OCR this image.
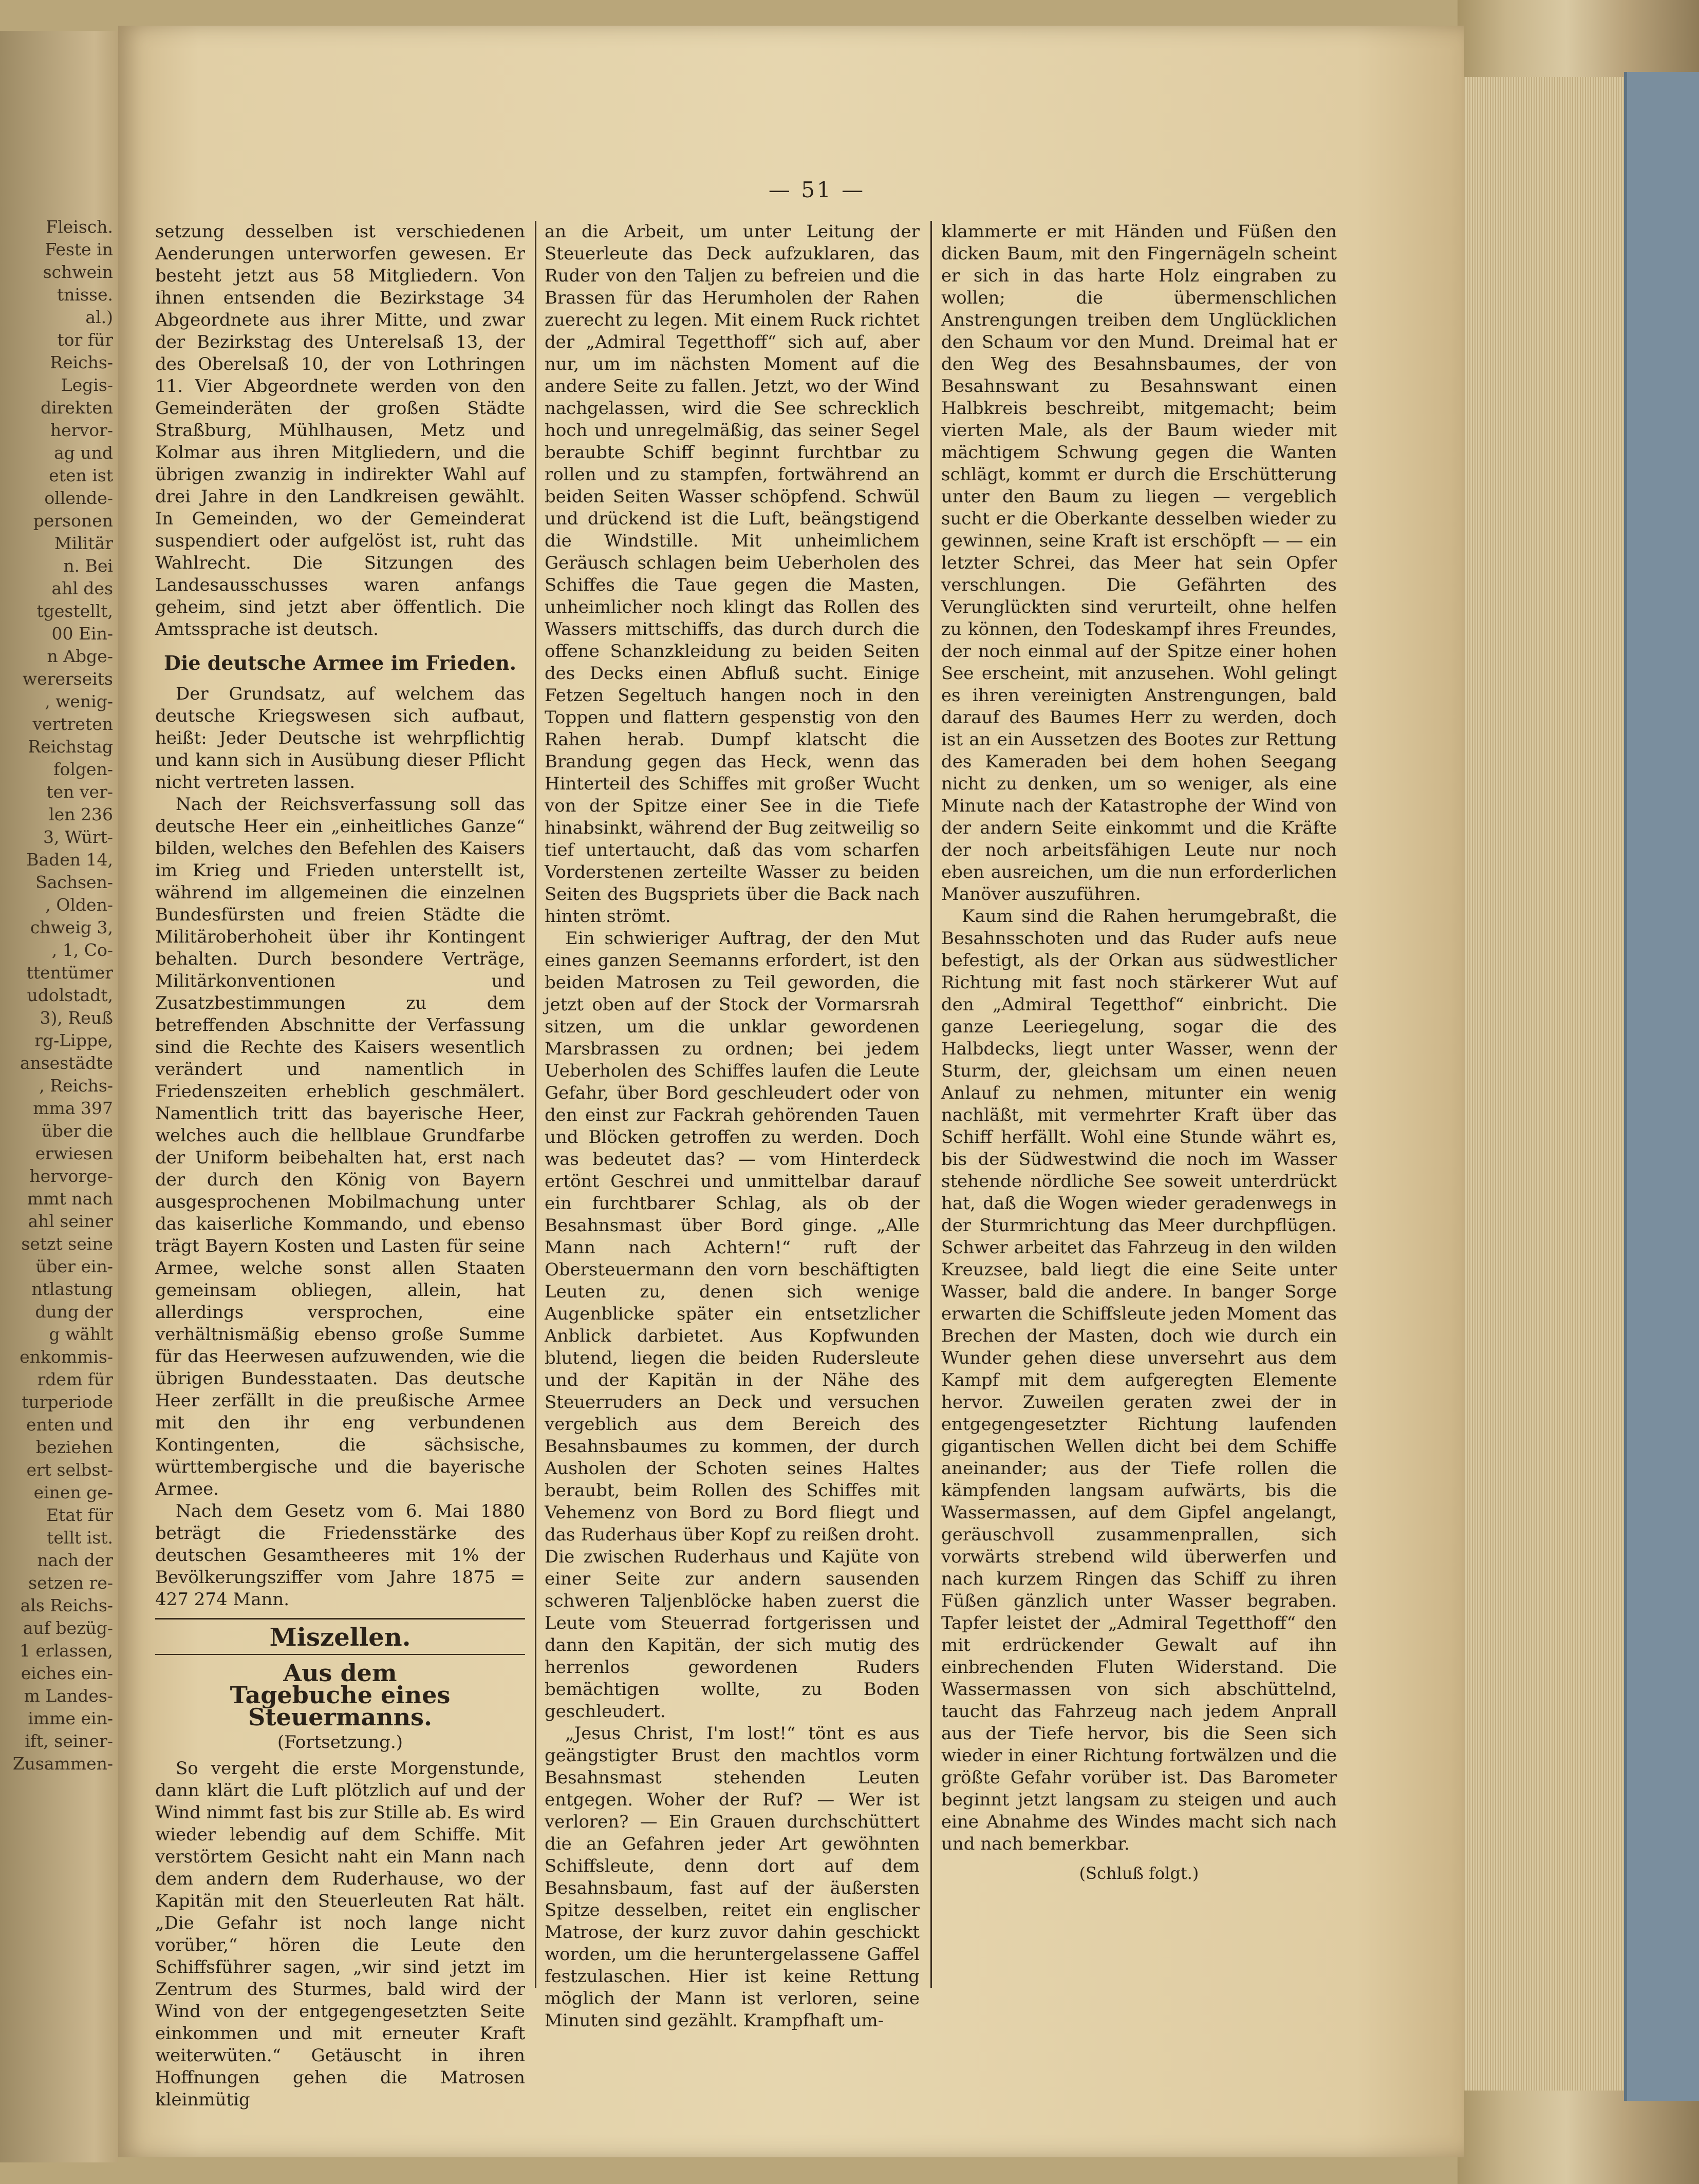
Fleisch.
Feste in
schwein
tnisse.
al.)
tor für
Reichs-
Legis-
direkten
hervor-
ag und
eten ist
ollende-
personen
Militär
n. Bei
ahl des
tgestellt,
00 Ein-
n Abge-
wererseits
, wenig-
vertreten
Reichstag
folgen-
ten ver-
len 236
3, Würt-
Baden 14,
Sachsen-
, Olden-
chweig 3,
, 1, Co-
ttentümer
udolstadt,
3), Reuß
rg-Lippe,
ansestädte
, Reichs-
mma 397
über die
erwiesen
hervorge-
mmt nach
ahl seiner
setzt seine
über ein-
ntlastung
dung der
g wählt
enkommis-
rdem für
turperiode
enten und
beziehen
ert selbst-
einen ge-
Etat für
tellt ist.
nach der
setzen re-
als Reichs-
auf bezüg-
1 erlassen,
eiches ein-
m Landes-
imme ein-
ift, seiner-
Zusammen-
— 51 —

setzung desselben ist verschiedenen Aenderungen unterworfen gewesen. Er besteht jetzt aus 58 Mitgliedern. Von ihnen entsenden die Bezirkstage 34 Abgeordnete aus ihrer Mitte, und zwar der Bezirkstag des Unterelsaß 13, der des Oberelsaß 10, der von Lothringen 11. Vier Abgeordnete werden von den Gemeinderäten der großen Städte Straßburg, Mühlhausen, Metz und Kolmar aus ihren Mitgliedern, und die übrigen zwanzig in indirekter Wahl auf drei Jahre in den Landkreisen gewählt. In Gemeinden, wo der Gemeinderat suspendiert oder aufgelöst ist, ruht das Wahlrecht. Die Sitzungen des Landesausschusses waren anfangs geheim, sind jetzt aber öffentlich. Die Amtssprache ist deutsch.

Die deutsche Armee im Frieden.

Der Grundsatz, auf welchem das deutsche Kriegswesen sich aufbaut, heißt: Jeder Deutsche ist wehrpflichtig und kann sich in Ausübung dieser Pflicht nicht vertreten lassen.

Nach der Reichsverfassung soll das deutsche Heer ein „einheitliches Ganze“ bilden, welches den Befehlen des Kaisers im Krieg und Frieden unterstellt ist, während im allgemeinen die einzelnen Bundesfürsten und freien Städte die Militäroberhoheit über ihr Kontingent behalten. Durch besondere Verträge, Militärkonventionen und Zusatzbestimmungen zu dem betreffenden Abschnitte der Verfassung sind die Rechte des Kaisers wesentlich verändert und namentlich in Friedenszeiten erheblich geschmälert. Namentlich tritt das bayerische Heer, welches auch die hellblaue Grundfarbe der Uniform beibehalten hat, erst nach der durch den König von Bayern ausgesprochenen Mobilmachung unter das kaiserliche Kommando, und ebenso trägt Bayern Kosten und Lasten für seine Armee, welche sonst allen Staaten gemeinsam obliegen, allein, hat allerdings versprochen, eine verhältnismäßig ebenso große Summe für das Heerwesen aufzuwenden, wie die übrigen Bundesstaaten. Das deutsche Heer zerfällt in die preußische Armee mit den ihr eng verbundenen Kontingenten, die sächsische, württembergische und die bayerische Armee.

Nach dem Gesetz vom 6. Mai 1880 beträgt die Friedensstärke des deutschen Gesamtheeres mit 1% der Bevölkerungsziffer vom Jahre 1875 = 427 274 Mann.

Miszellen.
Aus dem
Tagebuche eines Steuermanns.
(Fortsetzung.)

So vergeht die erste Morgenstunde, dann klärt die Luft plötzlich auf und der Wind nimmt fast bis zur Stille ab. Es wird wieder lebendig auf dem Schiffe. Mit verstörtem Gesicht naht ein Mann nach dem andern dem Ruderhause, wo der Kapitän mit den Steuerleuten Rat hält. „Die Gefahr ist noch lange nicht vorüber,“ hören die Leute den Schiffsführer sagen, „wir sind jetzt im Zentrum des Sturmes, bald wird der Wind von der entgegengesetzten Seite einkommen und mit erneuter Kraft weiterwüten.“ Getäuscht in ihren Hoffnungen gehen die Matrosen kleinmütig

an die Arbeit, um unter Leitung der Steuerleute das Deck aufzuklaren, das Ruder von den Taljen zu befreien und die Brassen für das Herumholen der Rahen zuerecht zu legen. Mit einem Ruck richtet der „Admiral Tegetthoff“ sich auf, aber nur, um im nächsten Moment auf die andere Seite zu fallen. Jetzt, wo der Wind nachgelassen, wird die See schrecklich hoch und unregelmäßig, das seiner Segel beraubte Schiff beginnt furchtbar zu rollen und zu stampfen, fortwährend an beiden Seiten Wasser schöpfend. Schwül und drückend ist die Luft, beängstigend die Windstille. Mit unheimlichem Geräusch schlagen beim Ueberholen des Schiffes die Taue gegen die Masten, unheimlicher noch klingt das Rollen des Wassers mittschiffs, das durch durch die offene Schanzkleidung zu beiden Seiten des Decks einen Abfluß sucht. Einige Fetzen Segeltuch hangen noch in den Toppen und flattern gespenstig von den Rahen herab. Dumpf klatscht die Brandung gegen das Heck, wenn das Hinterteil des Schiffes mit großer Wucht von der Spitze einer See in die Tiefe hinabsinkt, während der Bug zeitweilig so tief untertaucht, daß das vom scharfen Vorderstenen zerteilte Wasser zu beiden Seiten des Bugspriets über die Back nach hinten strömt.

Ein schwieriger Auftrag, der den Mut eines ganzen Seemanns erfordert, ist den beiden Matrosen zu Teil geworden, die jetzt oben auf der Stock der Vormarsrah sitzen, um die unklar gewordenen Marsbrassen zu ordnen; bei jedem Ueberholen des Schiffes laufen die Leute Gefahr, über Bord geschleudert oder von den einst zur Fackrah gehörenden Tauen und Blöcken getroffen zu werden. Doch was bedeutet das? — vom Hinterdeck ertönt Geschrei und unmittelbar darauf ein furchtbarer Schlag, als ob der Besahnsmast über Bord ginge. „Alle Mann nach Achtern!“ ruft der Obersteuermann den vorn beschäftigten Leuten zu, denen sich wenige Augenblicke später ein entsetzlicher Anblick darbietet. Aus Kopfwunden blutend, liegen die beiden Rudersleute und der Kapitän in der Nähe des Steuerruders an Deck und versuchen vergeblich aus dem Bereich des Besahnsbaumes zu kommen, der durch Ausholen der Schoten seines Haltes beraubt, beim Rollen des Schiffes mit Vehemenz von Bord zu Bord fliegt und das Ruderhaus über Kopf zu reißen droht. Die zwischen Ruderhaus und Kajüte von einer Seite zur andern sausenden schweren Taljenblöcke haben zuerst die Leute vom Steuerrad fortgerissen und dann den Kapitän, der sich mutig des herrenlos gewordenen Ruders bemächtigen wollte, zu Boden geschleudert.

„Jesus Christ, I'm lost!“ tönt es aus geängstigter Brust den machtlos vorm Besahnsmast stehenden Leuten entgegen. Woher der Ruf? — Wer ist verloren? — Ein Grauen durchschüttert die an Gefahren jeder Art gewöhnten Schiffsleute, denn dort auf dem Besahnsbaum, fast auf der äußersten Spitze desselben, reitet ein englischer Matrose, der kurz zuvor dahin geschickt worden, um die heruntergelassene Gaffel festzulaschen. Hier ist keine Rettung möglich der Mann ist verloren, seine Minuten sind gezählt. Krampfhaft um-

klammerte er mit Händen und Füßen den dicken Baum, mit den Fingernägeln scheint er sich in das harte Holz eingraben zu wollen; die übermenschlichen Anstrengungen treiben dem Unglücklichen den Schaum vor den Mund. Dreimal hat er den Weg des Besahnsbaumes, der von Besahnswant zu Besahnswant einen Halbkreis beschreibt, mitgemacht; beim vierten Male, als der Baum wieder mit mächtigem Schwung gegen die Wanten schlägt, kommt er durch die Erschütterung unter den Baum zu liegen — vergeblich sucht er die Oberkante desselben wieder zu gewinnen, seine Kraft ist erschöpft — — ein letzter Schrei, das Meer hat sein Opfer verschlungen. Die Gefährten des Verunglückten sind verurteilt, ohne helfen zu können, den Todeskampf ihres Freundes, der noch einmal auf der Spitze einer hohen See erscheint, mit anzusehen. Wohl gelingt es ihren vereinigten Anstrengungen, bald darauf des Baumes Herr zu werden, doch ist an ein Aussetzen des Bootes zur Rettung des Kameraden bei dem hohen Seegang nicht zu denken, um so weniger, als eine Minute nach der Katastrophe der Wind von der andern Seite einkommt und die Kräfte der noch arbeitsfähigen Leute nur noch eben ausreichen, um die nun erforderlichen Manöver auszuführen.

Kaum sind die Rahen herumgebraßt, die Besahnsschoten und das Ruder aufs neue befestigt, als der Orkan aus südwestlicher Richtung mit fast noch stärkerer Wut auf den „Admiral Tegetthof“ einbricht. Die ganze Leeriegelung, sogar die des Halbdecks, liegt unter Wasser, wenn der Sturm, der, gleichsam um einen neuen Anlauf zu nehmen, mitunter ein wenig nachläßt, mit vermehrter Kraft über das Schiff herfällt. Wohl eine Stunde währt es, bis der Südwestwind die noch im Wasser stehende nördliche See soweit unterdrückt hat, daß die Wogen wieder geradenwegs in der Sturmrichtung das Meer durchpflügen. Schwer arbeitet das Fahrzeug in den wilden Kreuzsee, bald liegt die eine Seite unter Wasser, bald die andere. In banger Sorge erwarten die Schiffsleute jeden Moment das Brechen der Masten, doch wie durch ein Wunder gehen diese unversehrt aus dem Kampf mit dem aufgeregten Elemente hervor. Zuweilen geraten zwei der in entgegengesetzter Richtung laufenden gigantischen Wellen dicht bei dem Schiffe aneinander; aus der Tiefe rollen die kämpfenden langsam aufwärts, bis die Wassermassen, auf dem Gipfel angelangt, geräuschvoll zusammenprallen, sich vorwärts strebend wild überwerfen und nach kurzem Ringen das Schiff zu ihren Füßen gänzlich unter Wasser begraben. Tapfer leistet der „Admiral Tegetthoff“ den mit erdrückender Gewalt auf ihn einbrechenden Fluten Widerstand. Die Wassermassen von sich abschüttelnd, taucht das Fahrzeug nach jedem Anprall aus der Tiefe hervor, bis die Seen sich wieder in einer Richtung fortwälzen und die größte Gefahr vorüber ist. Das Barometer beginnt jetzt langsam zu steigen und auch eine Abnahme des Windes macht sich nach und nach bemerkbar.

(Schluß folgt.)
